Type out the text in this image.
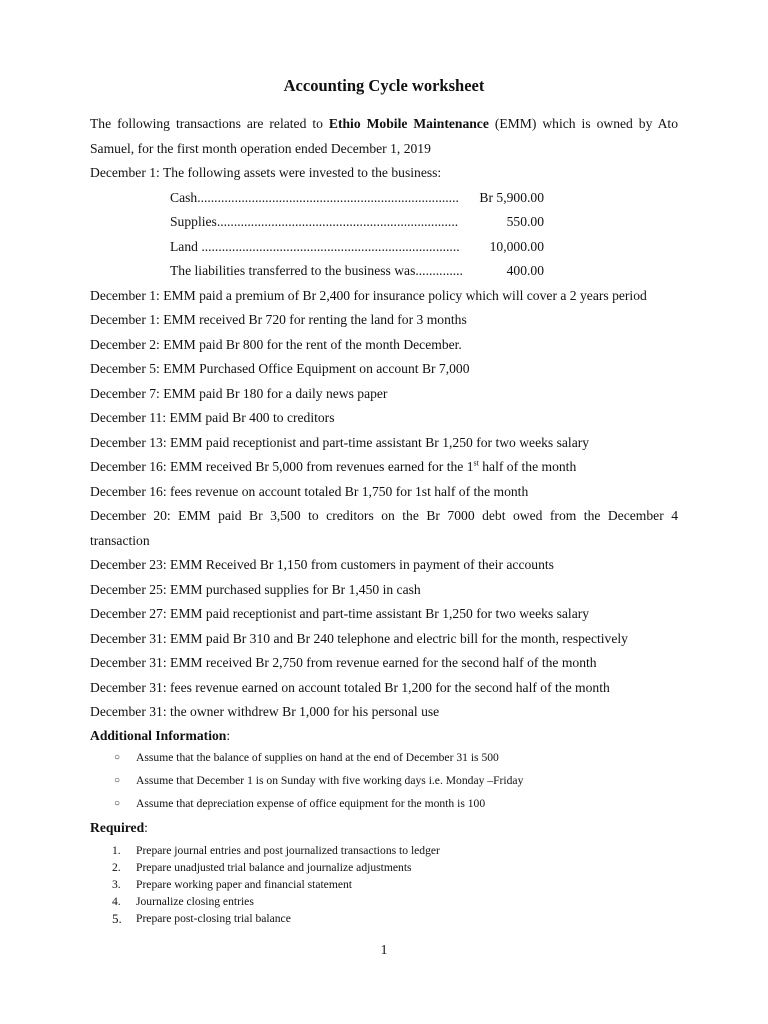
Accounting Cycle worksheet

The following transactions are related to Ethio Mobile Maintenance (EMM) which is owned by Ato Samuel, for the first month operation ended December 1, 2019

December 1: The following assets were invested to the business:

Cash............................................................................. Br 5,900.00
Supplies.......................................................................	550.00
Land ............................................................................ 10,000.00
The liabilities transferred to the business was..............	400.00

December 1: EMM paid a premium of Br 2,400 for insurance policy which will cover a 2 years period

December 1: EMM received Br 720 for renting the land for 3 months

December 2: EMM paid Br 800 for the rent of the month December.

December 5: EMM Purchased Office Equipment on account Br 7,000

December 7: EMM paid Br 180 for a daily news paper

December 11: EMM paid Br 400 to creditors

December 13: EMM paid receptionist and part-time assistant Br 1,250 for two weeks salary

December 16: EMM received Br 5,000 from revenues earned for the 1st half of the month

December 16: fees revenue on account totaled Br 1,750 for 1st half of the month

December 20: EMM paid Br 3,500 to creditors on the Br 7000 debt owed from the December 4

transaction

December 23: EMM Received Br 1,150 from customers in payment of their accounts

December 25: EMM purchased supplies for Br 1,450 in cash

December 27: EMM paid receptionist and part-time assistant Br 1,250 for two weeks salary

December 31: EMM paid Br 310 and Br 240 telephone and electric bill for the month, respectively

December 31: EMM received Br 2,750 from revenue earned for the second half of the month

December 31: fees revenue earned on account totaled Br 1,200 for the second half of the month

December 31: the owner withdrew Br 1,000 for his personal use

Additional Information:

○ Assume that the balance of supplies on hand at the end of December 31 is 500
○ Assume that December 1 is on Sunday with five working days i.e. Monday –Friday
○ Assume that depreciation expense of office equipment for the month is 100

Required:

1. Prepare journal entries and post journalized transactions to ledger
2. Prepare unadjusted trial balance and journalize adjustments
3. Prepare working paper and financial statement
4. Journalize closing entries
5. Prepare post-closing trial balance
1
